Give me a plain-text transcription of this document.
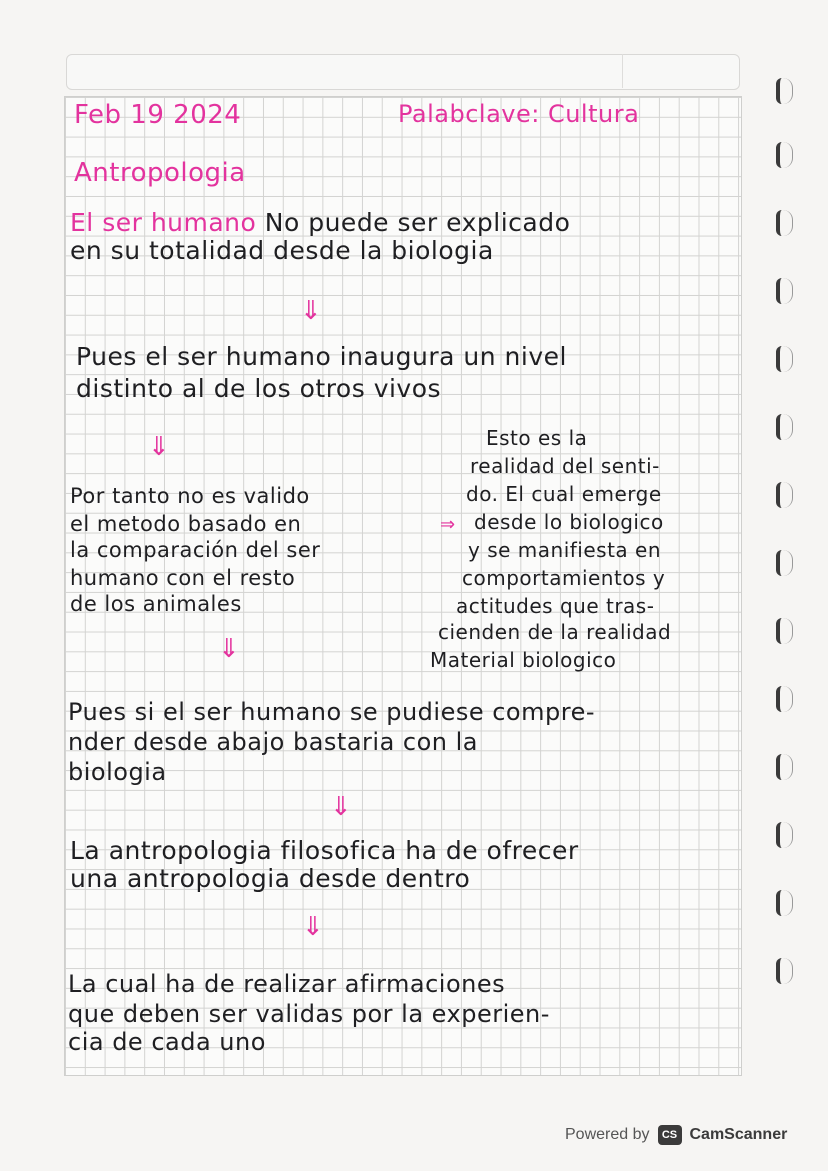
Feb 19 2024	Palabclave: Cultura

Antropologia

El ser humano No puede ser explicado

en su totalidad desde la biologia

⇓

Pues el ser humano inaugura un nivel

distinto al de los otros vivos

⇓

Por tanto no es valido

el metodo basado en

la comparación del ser

humano con el resto

de los animales

⇒

Esto es la

realidad del senti-

do. El cual emerge

desde lo biologico

y se manifiesta en

comportamientos y

actitudes que tras-

cienden de la realidad

Material biologico

⇓

Pues si el ser humano se pudiese compre-

nder desde abajo bastaria con la

biologia

⇓

La antropologia filosofica ha de ofrecer

una antropologia desde dentro

⇓

La cual ha de realizar afirmaciones

que deben ser validas por la experien-

cia de cada uno

Powered by	CS CamScanner
